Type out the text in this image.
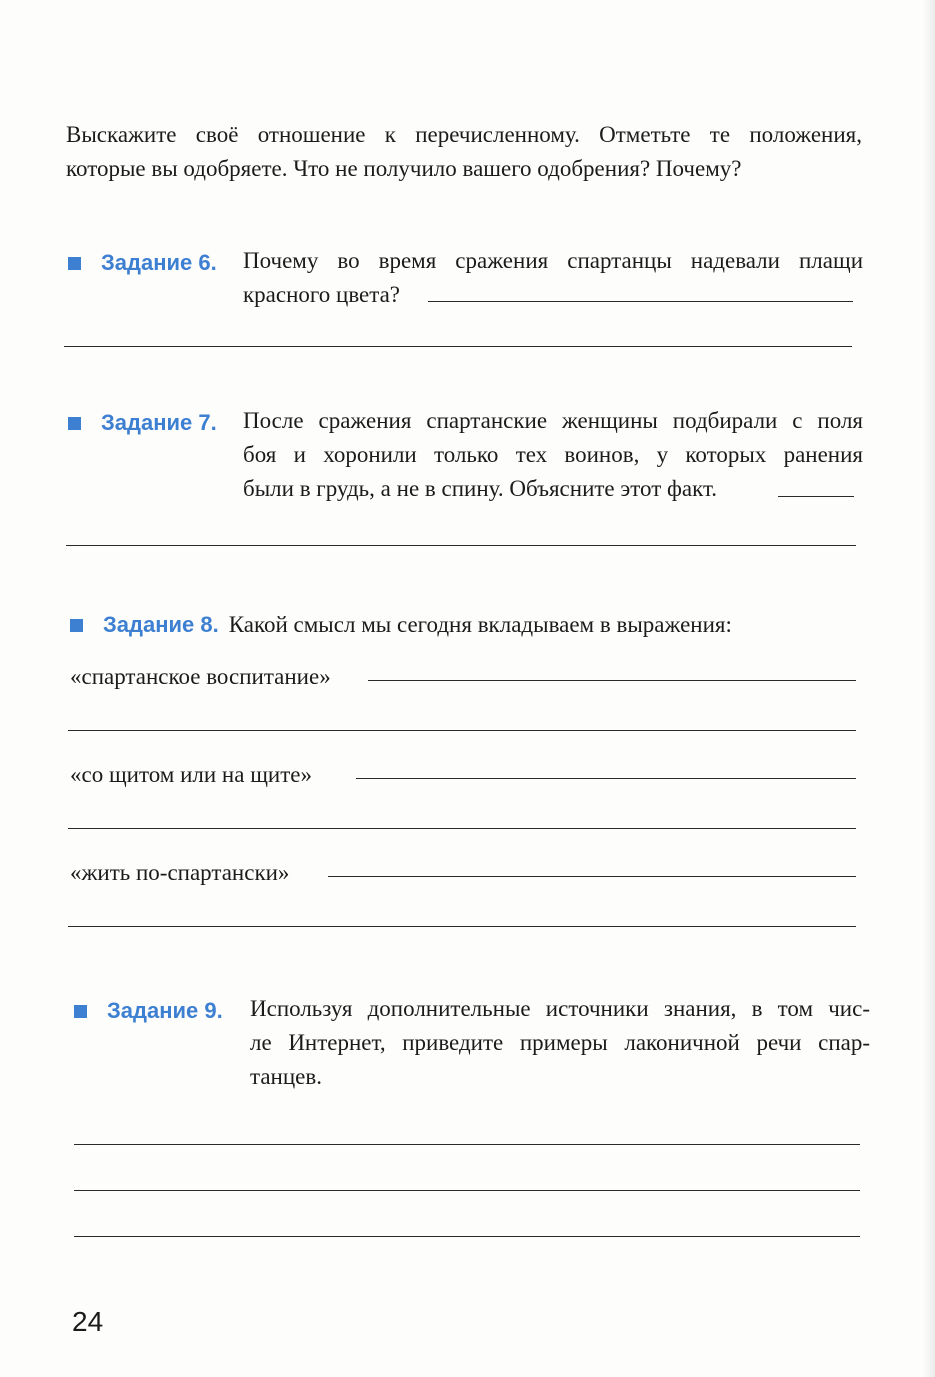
Выскажите своё отношение к перечисленному. Отметьте те положения,
которые вы одобряете. Что не получило вашего одобрения? Почему?
Задание 6. Почему во время сражения спартанцы надевали плащи
красного цвета?
Задание 7. После сражения спартанские женщины подбирали с поля
боя и хоронили только тех воинов, у которых ранения
были в грудь, а не в спину. Объясните этот факт.
Задание 8. Какой смысл мы сегодня вкладываем в выражения:
«спартанское воспитание»
«со щитом или на щите»
«жить по-спартански»
Задание 9. Используя дополнительные источники знания, в том чис-
ле Интернет, приведите примеры лаконичной речи спар-
танцев.
24
